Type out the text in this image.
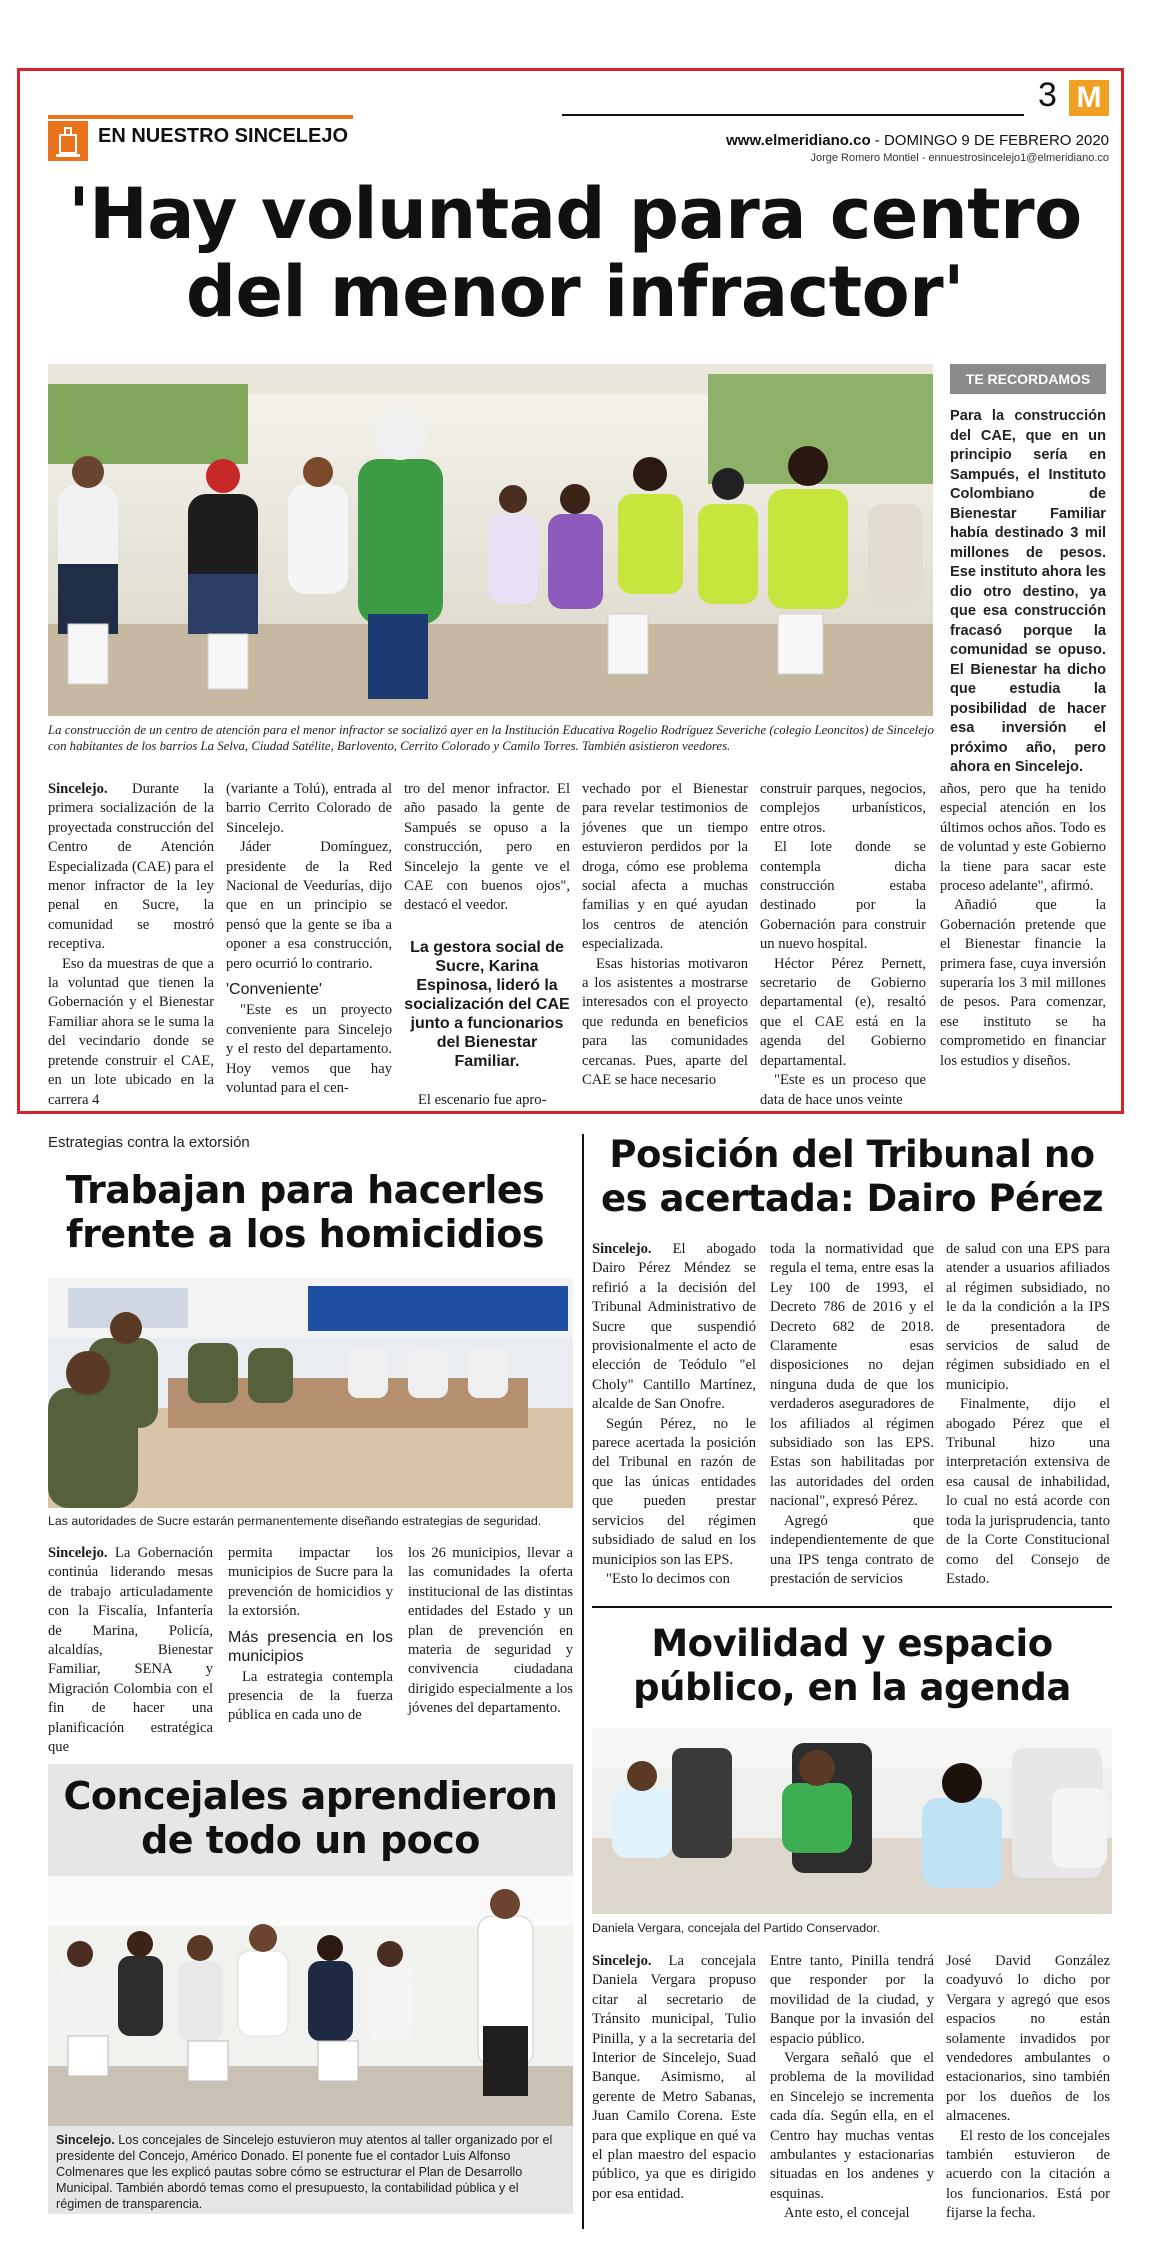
EN NUESTRO SINCELEJO
3 M
www.elmeridiano.co - DOMINGO 9 DE FEBRERO 2020
Jorge Romero Montiel - ennuestrosincelejo1@elmeridiano.co
'Hay voluntad para centro
del menor infractor'
La construcción de un centro de atención para el menor infractor se socializó ayer en la Institución Educativa Rogelio Rodríguez Severiche (colegio Leoncitos) de Sincelejo con habitantes de los barrios La Selva, Ciudad Satélite, Barlovento, Cerrito Colorado y Camilo Torres. También asistieron veedores.
TE RECORDAMOS
Para la construcción del CAE, que en un principio sería en Sampués, el Instituto Colombiano de Bienestar Familiar había destinado 3 mil millones de pesos. Ese instituto ahora les dio otro destino, ya que esa construcción fracasó porque la comunidad se opuso. El Bienestar ha dicho que estudia la posibilidad de hacer esa inversión el próximo año, pero ahora en Sincelejo.

Sincelejo. Durante la primera socialización de la proyectada construcción del Centro de Atención Especializada (CAE) para el menor infractor de la ley penal en Sucre, la comunidad se mostró receptiva.

Eso da muestras de que a la voluntad que tienen la Gobernación y el Bienestar Familiar ahora se le suma la del vecindario donde se pretende construir el CAE, en un lote ubicado en la carrera 4

(variante a Tolú), entrada al barrio Cerrito Colorado de Sincelejo.

Jáder Domínguez, presidente de la Red Nacional de Veedurías, dijo que en un principio se pensó que la gente se iba a oponer a esa construcción, pero ocurrió lo contrario.

'Conveniente'

"Este es un proyecto conveniente para Sincelejo y el resto del departamento. Hoy vemos que hay voluntad para el cen-

tro del menor infractor. El año pasado la gente de Sampués se opuso a la construcción, pero en Sincelejo la gente ve el CAE con buenos ojos", destacó el veedor.

La gestora social de Sucre, Karina Espinosa, lideró la socialización del CAE junto a funcionarios del Bienestar Familiar.

El escenario fue apro-

vechado por el Bienestar para revelar testimonios de jóvenes que un tiempo estuvieron perdidos por la droga, cómo ese problema social afecta a muchas familias y en qué ayudan los centros de atención especializada.

Esas historias motivaron a los asistentes a mostrarse interesados con el proyecto que redunda en beneficios para las comunidades cercanas. Pues, aparte del CAE se hace necesario

construir parques, negocios, complejos urbanísticos, entre otros.

El lote donde se contempla dicha construcción estaba destinado por la Gobernación para construir un nuevo hospital.

Héctor Pérez Pernett, secretario de Gobierno departamental (e), resaltó que el CAE está en la agenda del Gobierno departamental.

"Este es un proceso que data de hace unos veinte

años, pero que ha tenido especial atención en los últimos ochos años. Todo es de voluntad y este Gobierno la tiene para sacar este proceso adelante", afirmó.

Añadió que la Gobernación pretende que el Bienestar financie la primera fase, cuya inversión superaría los 3 mil millones de pesos. Para comenzar, ese instituto se ha comprometido en financiar los estudios y diseños.

Estrategias contra la extorsión
Trabajan para hacerles
frente a los homicidios
Las autoridades de Sucre estarán permanentemente diseñando estrategias de seguridad.

Sincelejo. La Gobernación continúa liderando mesas de trabajo articuladamente con la Fiscalía, Infantería de Marina, Policía, alcaldías, Bienestar Familiar, SENA y Migración Colombia con el fin de hacer una planificación estratégica que

permita impactar los municipios de Sucre para la prevención de homicidios y la extorsión.

Más presencia en los municipios

La estrategia contempla presencia de la fuerza pública en cada uno de

los 26 municipios, llevar a las comunidades la oferta institucional de las distintas entidades del Estado y un plan de prevención en materia de seguridad y convivencia ciudadana dirigido especialmente a los jóvenes del departamento.

Concejales aprendieron
de todo un poco
Sincelejo. Los concejales de Sincelejo estuvieron muy atentos al taller organizado por el presidente del Concejo, Américo Donado. El ponente fue el contador Luis Alfonso Colmenares que les explicó pautas sobre cómo se estructurar el Plan de Desarrollo Municipal. También abordó temas como el presupuesto, la contabilidad pública y el régimen de transparencia.
Posición del Tribunal no
es acertada: Dairo Pérez

Sincelejo. El abogado Dairo Pérez Méndez se refirió a la decisión del Tribunal Administrativo de Sucre que suspendió provisionalmente el acto de elección de Teódulo "el Choly" Cantillo Martínez, alcalde de San Onofre.

Según Pérez, no le parece acertada la posición del Tribunal en razón de que las únicas entidades que pueden prestar servicios del régimen subsidiado de salud en los municipios son las EPS.

"Esto lo decimos con

toda la normatividad que regula el tema, entre esas la Ley 100 de 1993, el Decreto 786 de 2016 y el Decreto 682 de 2018. Claramente esas disposiciones no dejan ninguna duda de que los verdaderos aseguradores de los afiliados al régimen subsidiado son las EPS. Estas son habilitadas por las autoridades del orden nacional", expresó Pérez.

Agregó que independientemente de que una IPS tenga contrato de prestación de servicios

de salud con una EPS para atender a usuarios afiliados al régimen subsidiado, no le da la condición a la IPS de presentadora de servicios de salud de régimen subsidiado en el municipio.

Finalmente, dijo el abogado Pérez que el Tribunal hizo una interpretación extensiva de esa causal de inhabilidad, lo cual no está acorde con toda la jurisprudencia, tanto de la Corte Constitucional como del Consejo de Estado.

Movilidad y espacio
público, en la agenda
Daniela Vergara, concejala del Partido Conservador.

Sincelejo. La concejala Daniela Vergara propuso citar al secretario de Tránsito municipal, Tulio Pinilla, y a la secretaria del Interior de Sincelejo, Suad Banque. Asimismo, al gerente de Metro Sabanas, Juan Camilo Corena. Este para que explique en qué va el plan maestro del espacio público, ya que es dirigido por esa entidad.

Entre tanto, Pinilla tendrá que responder por la movilidad de la ciudad, y Banque por la invasión del espacio público.

Vergara señaló que el problema de la movilidad en Sincelejo se incrementa cada día. Según ella, en el Centro hay muchas ventas ambulantes y estacionarias situadas en los andenes y esquinas.

Ante esto, el concejal

José David González coadyuvó lo dicho por Vergara y agregó que esos espacios no están solamente invadidos por vendedores ambulantes o estacionarios, sino también por los dueños de los almacenes.

El resto de los concejales también estuvieron de acuerdo con la citación a los funcionarios. Está por fijarse la fecha.
